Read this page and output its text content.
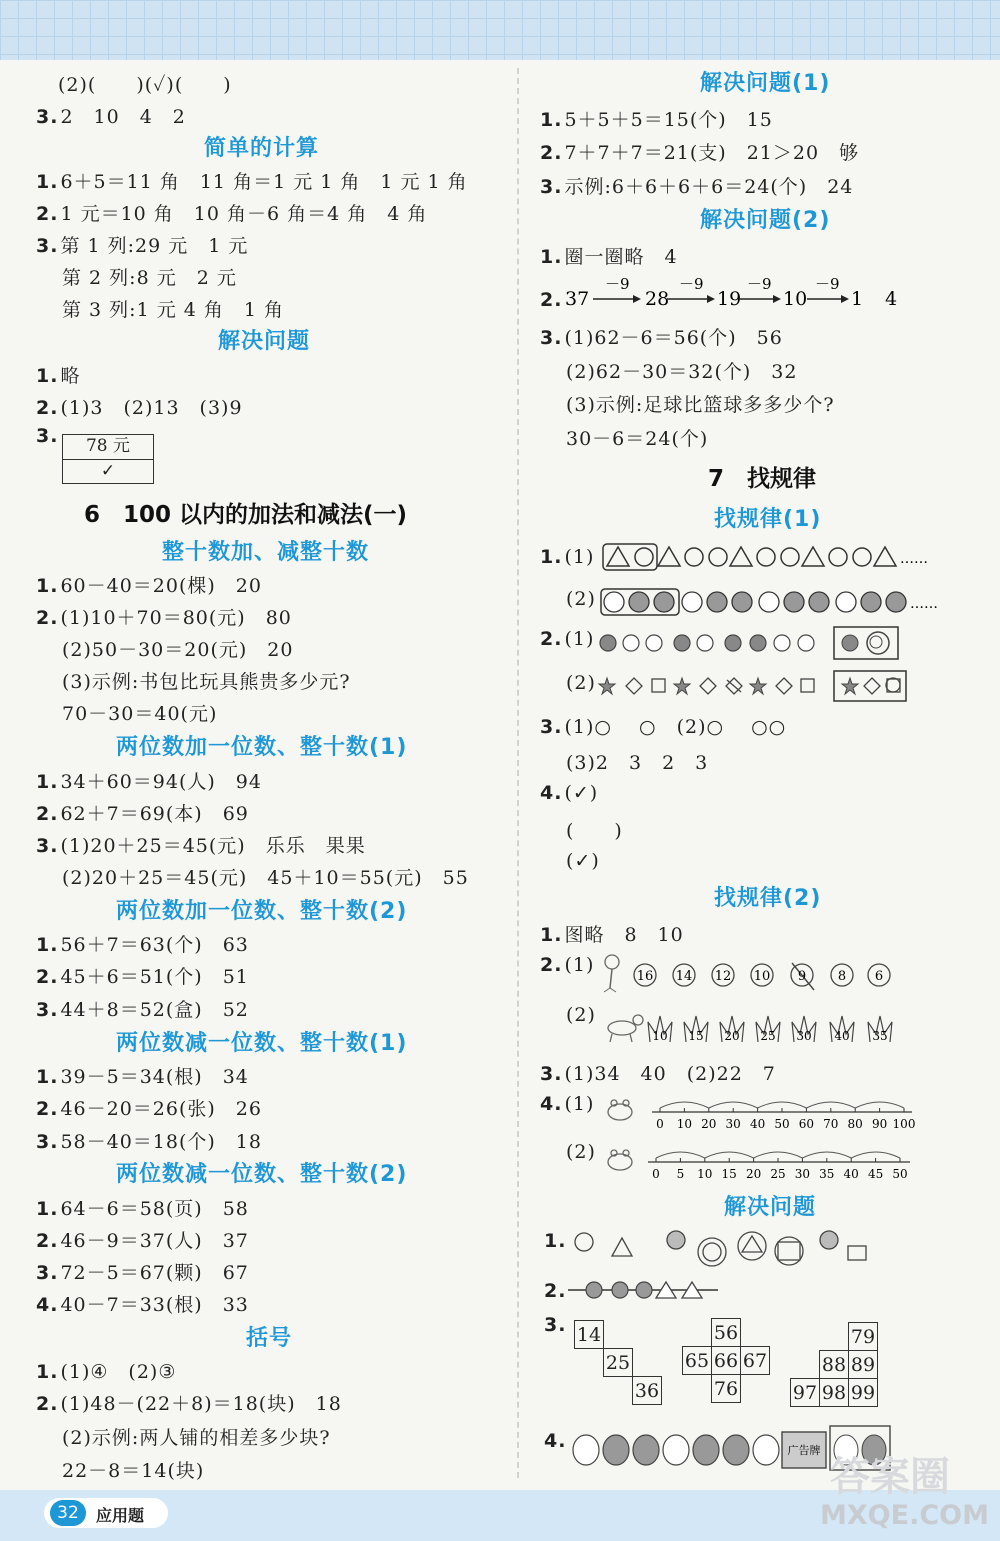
(2)(　　)(✓)(　　)
3. 2　10　4　2
简单的计算
1. 6＋5＝11 角　11 角＝1 元 1 角　1 元 1 角
2. 1 元＝10 角　10 角－6 角＝4 角　4 角
3. 第 1 列:29 元　1 元
第 2 列:8 元　2 元
第 3 列:1 元 4 角　1 角
解决问题
1. 略
2. (1)3　(2)13　(3)9
3.
6　100 以内的加法和减法(一)
整十数加、减整十数
1. 60－40＝20(棵)　20
2. (1)10＋70＝80(元)　80
(2)50－30＝20(元)　20
(3)示例:书包比玩具熊贵多少元?
70－30＝40(元)
两位数加一位数、整十数(1)
1. 34＋60＝94(人)　94
2. 62＋7＝69(本)　69
3. (1)20＋25＝45(元)　乐乐　果果
(2)20＋25＝45(元)　45＋10＝55(元)　55
两位数加一位数、整十数(2)
1. 56＋7＝63(个)　63
2. 45＋6＝51(个)　51
3. 44＋8＝52(盒)　52
两位数减一位数、整十数(1)
1. 39－5＝34(根)　34
2. 46－20＝26(张)　26
3. 58－40＝18(个)　18
两位数减一位数、整十数(2)
1. 64－6＝58(页)　58
2. 46－9＝37(人)　37
3. 72－5＝67(颗)　67
4. 40－7＝33(根)　33
括号
1. (1)④　(2)③
2. (1)48－(22＋8)＝18(块)　18
(2)示例:两人铺的相差多少块?
22－8＝14(块)
78 元
✓
解决问题(1)
1. 5＋5＋5＝15(个)　15
2. 7＋7＋7＝21(支)　21＞20　够
3. 示例:6＋6＋6＋6＝24(个)　24
解决问题(2)
1. 圈一圈略　4
2.
3. (1)62－6＝56(个)　56
(2)62－30＝32(个)　32
(3)示例:足球比篮球多多少个?
30－6＝24(个)
7　找规律
找规律(1)
1. (1)
(2)
2. (1)
(2)
3. (1)○　 ○　(2)○　 ○○
(3)2　3　2　3
4. (✓)
(　　)
(✓)
找规律(2)
1. 图略　8　10
2. (1)
(2)
3. (1)34　40　(2)22　7
4. (1)
(2)
解决问题
1.
2.
3.
4.
37
－9
28
－9
19
－9
10
－9
1 4
……
……
16 14 12 10 9 8 6
10 15 20 25 30 40 35
0 10 20 30 40 50 60 70 80 90 100
0 5 10 15 20 25 30 35 40 45 50
14		
	25	
		36
	56	
65	66	67
	76	
		79
	88	89
97	98	99
广告牌
32	应用题
答案圈
MXQE.COM
